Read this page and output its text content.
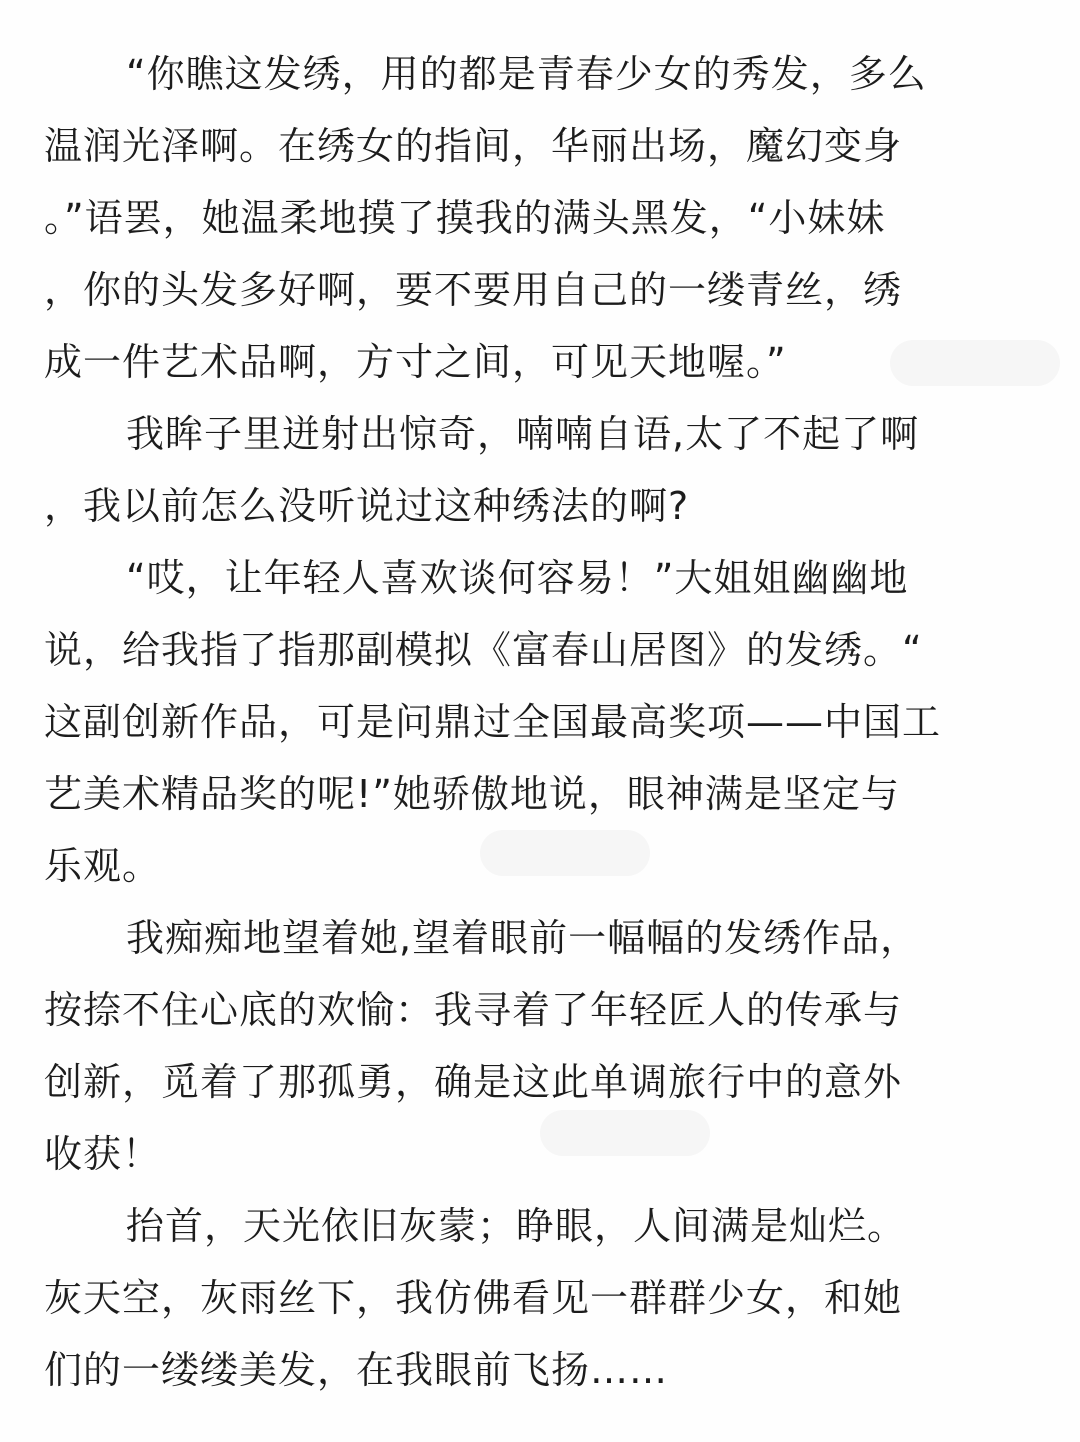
“你瞧这发绣，用的都是青春少女的秀发，多么
温润光泽啊。在绣女的指间，华丽出场，魔幻变身
。”语罢，她温柔地摸了摸我的满头黑发，“小妹妹
，你的头发多好啊，要不要用自己的一缕青丝，绣
成一件艺术品啊，方寸之间，可见天地喔。”
我眸子里迸射出惊奇，喃喃自语,太了不起了啊
，我以前怎么没听说过这种绣法的啊?
“哎，让年轻人喜欢谈何容易！”大姐姐幽幽地
说，给我指了指那副模拟《富春山居图》的发绣。“
这副创新作品，可是问鼎过全国最高奖项——中国工
艺美术精品奖的呢!”她骄傲地说，眼神满是坚定与
乐观。
我痴痴地望着她,望着眼前一幅幅的发绣作品，
按捺不住心底的欢愉：我寻着了年轻匠人的传承与
创新，觅着了那孤勇，确是这此单调旅行中的意外
收获！
抬首，天光依旧灰蒙；睁眼，人间满是灿烂。
灰天空，灰雨丝下，我仿佛看见一群群少女，和她
们的一缕缕美发，在我眼前飞扬……
